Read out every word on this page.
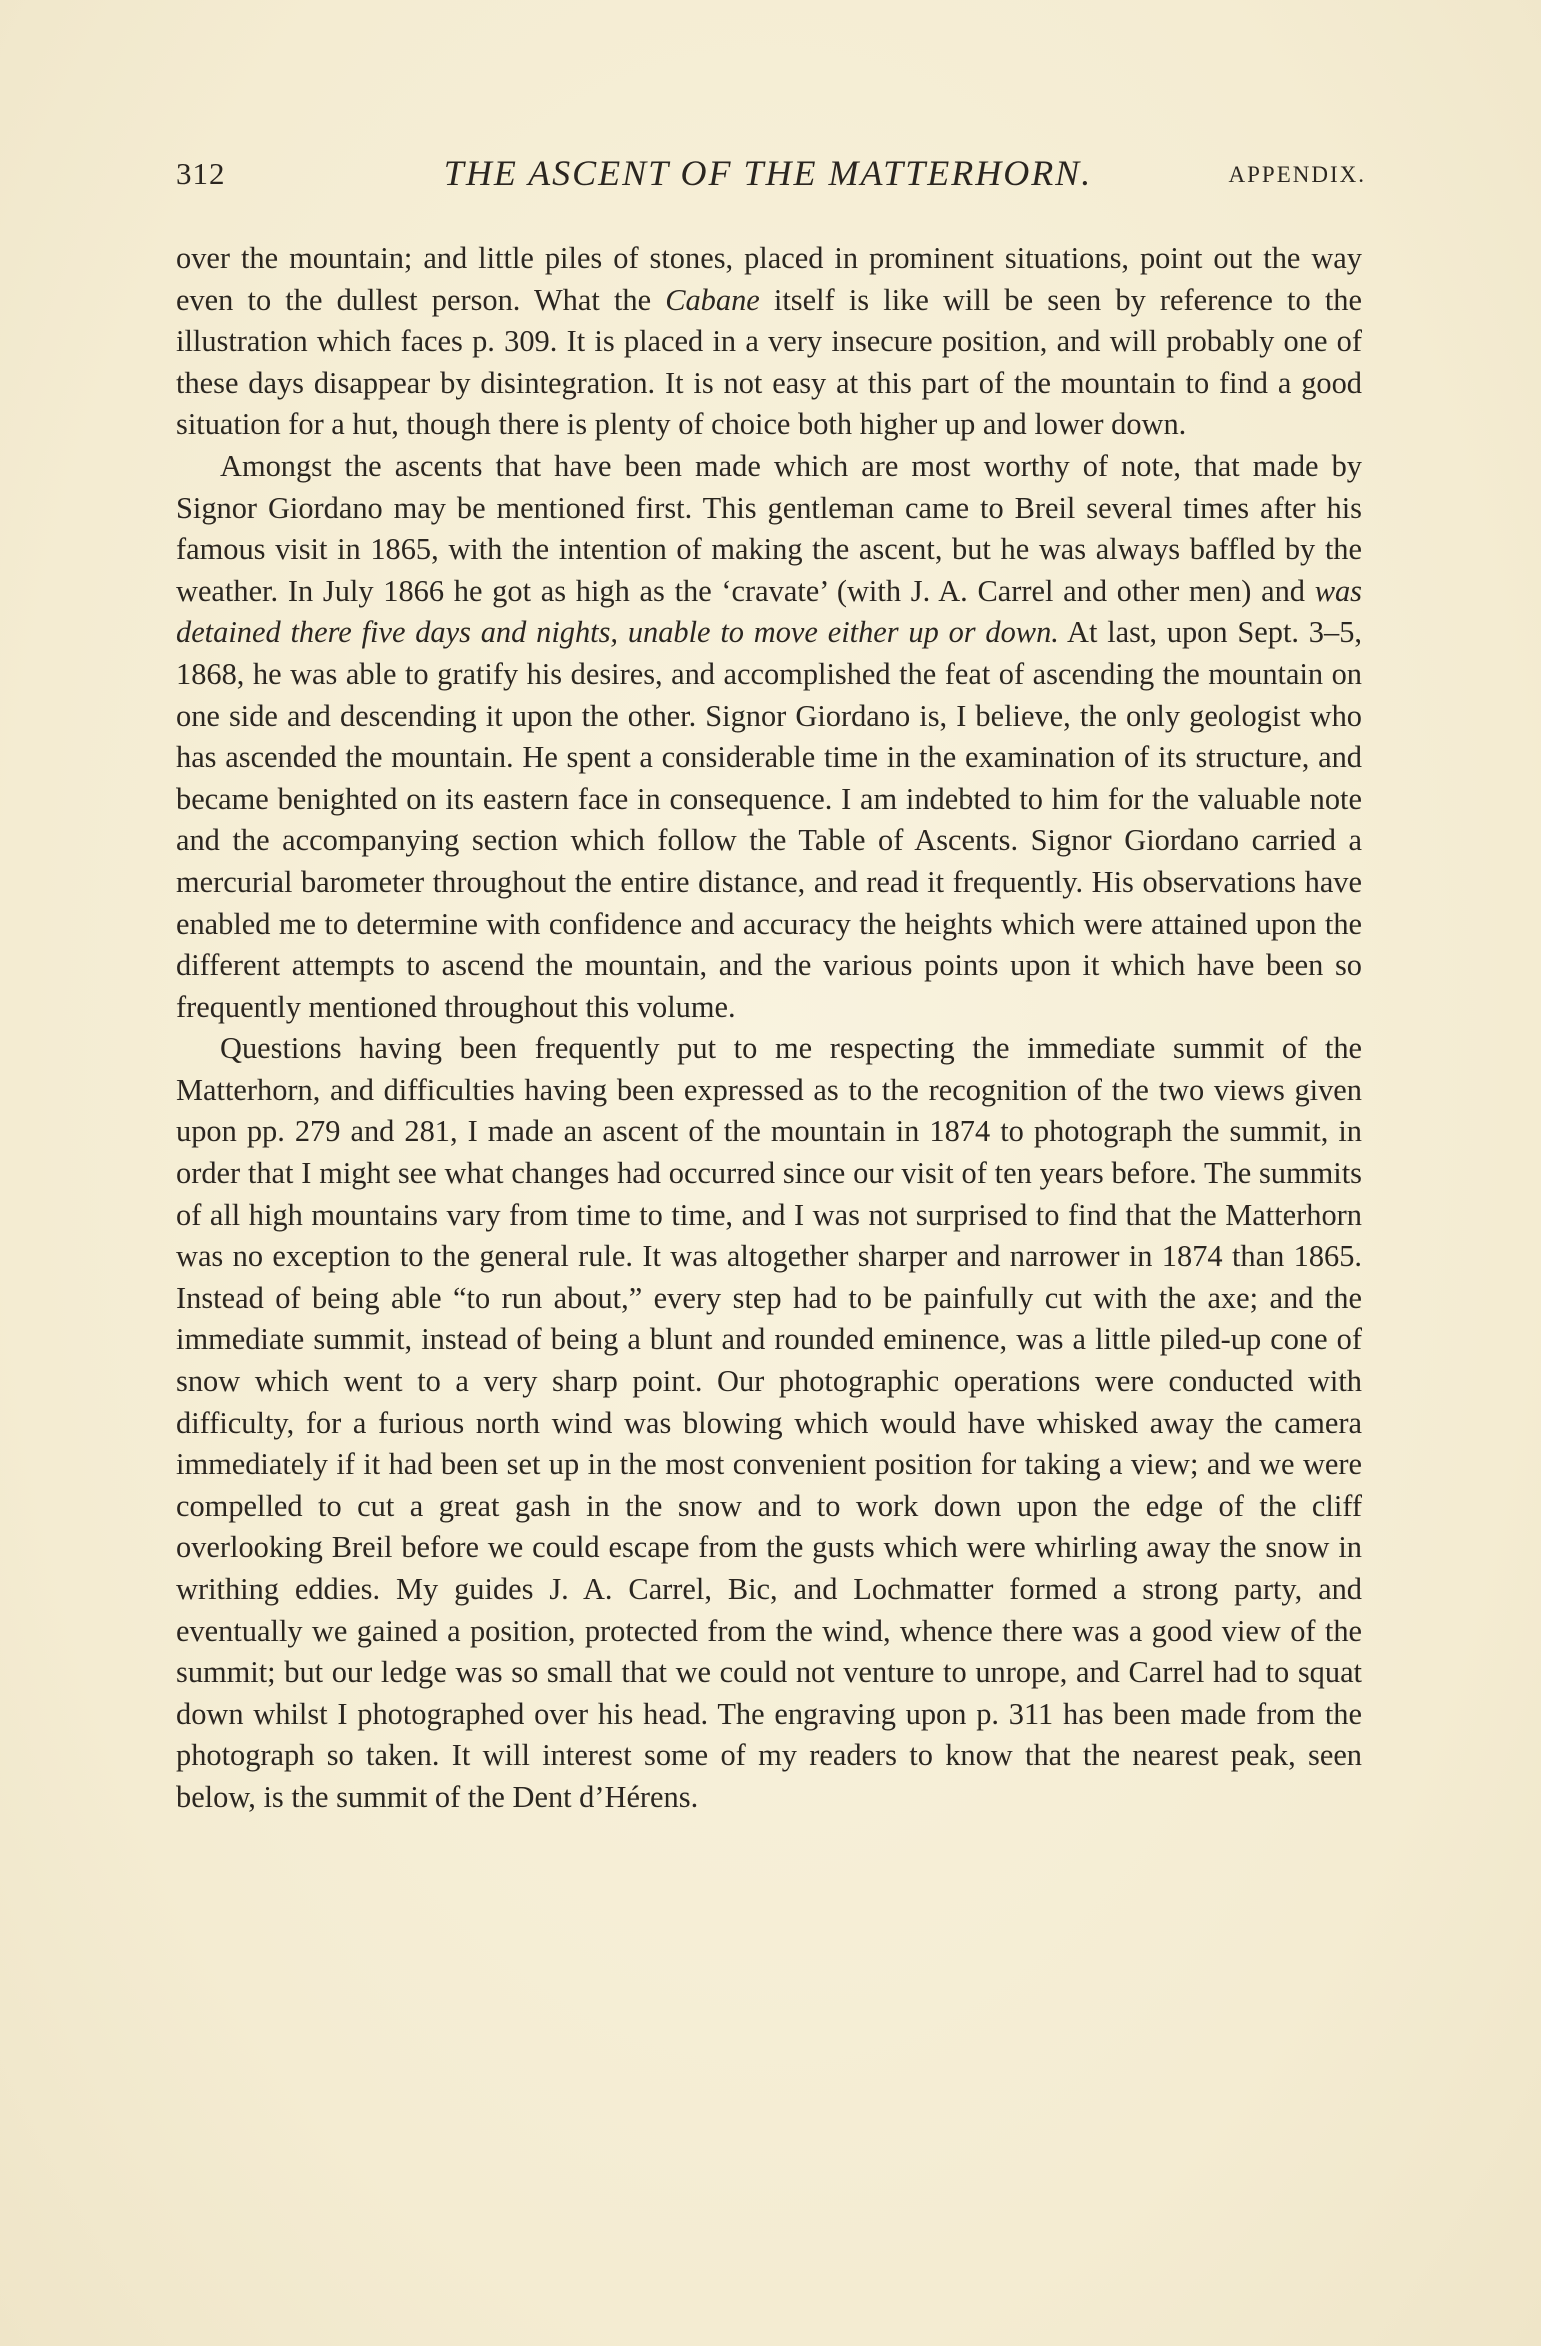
312	THE ASCENT OF THE MATTERHORN.	APPENDIX.

over the mountain; and little piles of stones, placed in prominent situations, point out the way even to the dullest person. What the Cabane itself is like will be seen by reference to the illustration which faces p. 309. It is placed in a very insecure position, and will probably one of these days disappear by disintegration. It is not easy at this part of the mountain to find a good situation for a hut, though there is plenty of choice both higher up and lower down.

Amongst the ascents that have been made which are most worthy of note, that made by Signor Giordano may be mentioned first. This gentleman came to Breil several times after his famous visit in 1865, with the intention of making the ascent, but he was always baffled by the weather. In July 1866 he got as high as the ‘cravate’ (with J. A. Carrel and other men) and was detained there five days and nights, unable to move either up or down. At last, upon Sept. 3–5, 1868, he was able to gratify his desires, and accomplished the feat of ascending the mountain on one side and descending it upon the other. Signor Giordano is, I believe, the only geologist who has ascended the mountain. He spent a considerable time in the examination of its structure, and became benighted on its eastern face in consequence. I am indebted to him for the valuable note and the accompanying section which follow the Table of Ascents. Signor Giordano carried a mercurial barometer throughout the entire distance, and read it frequently. His observations have enabled me to determine with confidence and accuracy the heights which were attained upon the different attempts to ascend the mountain, and the various points upon it which have been so frequently mentioned throughout this volume.

Questions having been frequently put to me respecting the immediate summit of the Matterhorn, and difficulties having been expressed as to the recognition of the two views given upon pp. 279 and 281, I made an ascent of the mountain in 1874 to photograph the summit, in order that I might see what changes had occurred since our visit of ten years before. The summits of all high mountains vary from time to time, and I was not surprised to find that the Matterhorn was no exception to the general rule. It was altogether sharper and narrower in 1874 than 1865. Instead of being able “to run about,” every step had to be painfully cut with the axe; and the immediate summit, instead of being a blunt and rounded eminence, was a little piled-up cone of snow which went to a very sharp point. Our photographic operations were conducted with difficulty, for a furious north wind was blowing which would have whisked away the camera immediately if it had been set up in the most convenient position for taking a view; and we were compelled to cut a great gash in the snow and to work down upon the edge of the cliff overlooking Breil before we could escape from the gusts which were whirling away the snow in writhing eddies. My guides J. A. Carrel, Bic, and Lochmatter formed a strong party, and eventually we gained a position, protected from the wind, whence there was a good view of the summit; but our ledge was so small that we could not venture to unrope, and Carrel had to squat down whilst I photographed over his head. The engraving upon p. 311 has been made from the photograph so taken. It will interest some of my readers to know that the nearest peak, seen below, is the summit of the Dent d’Hérens.
